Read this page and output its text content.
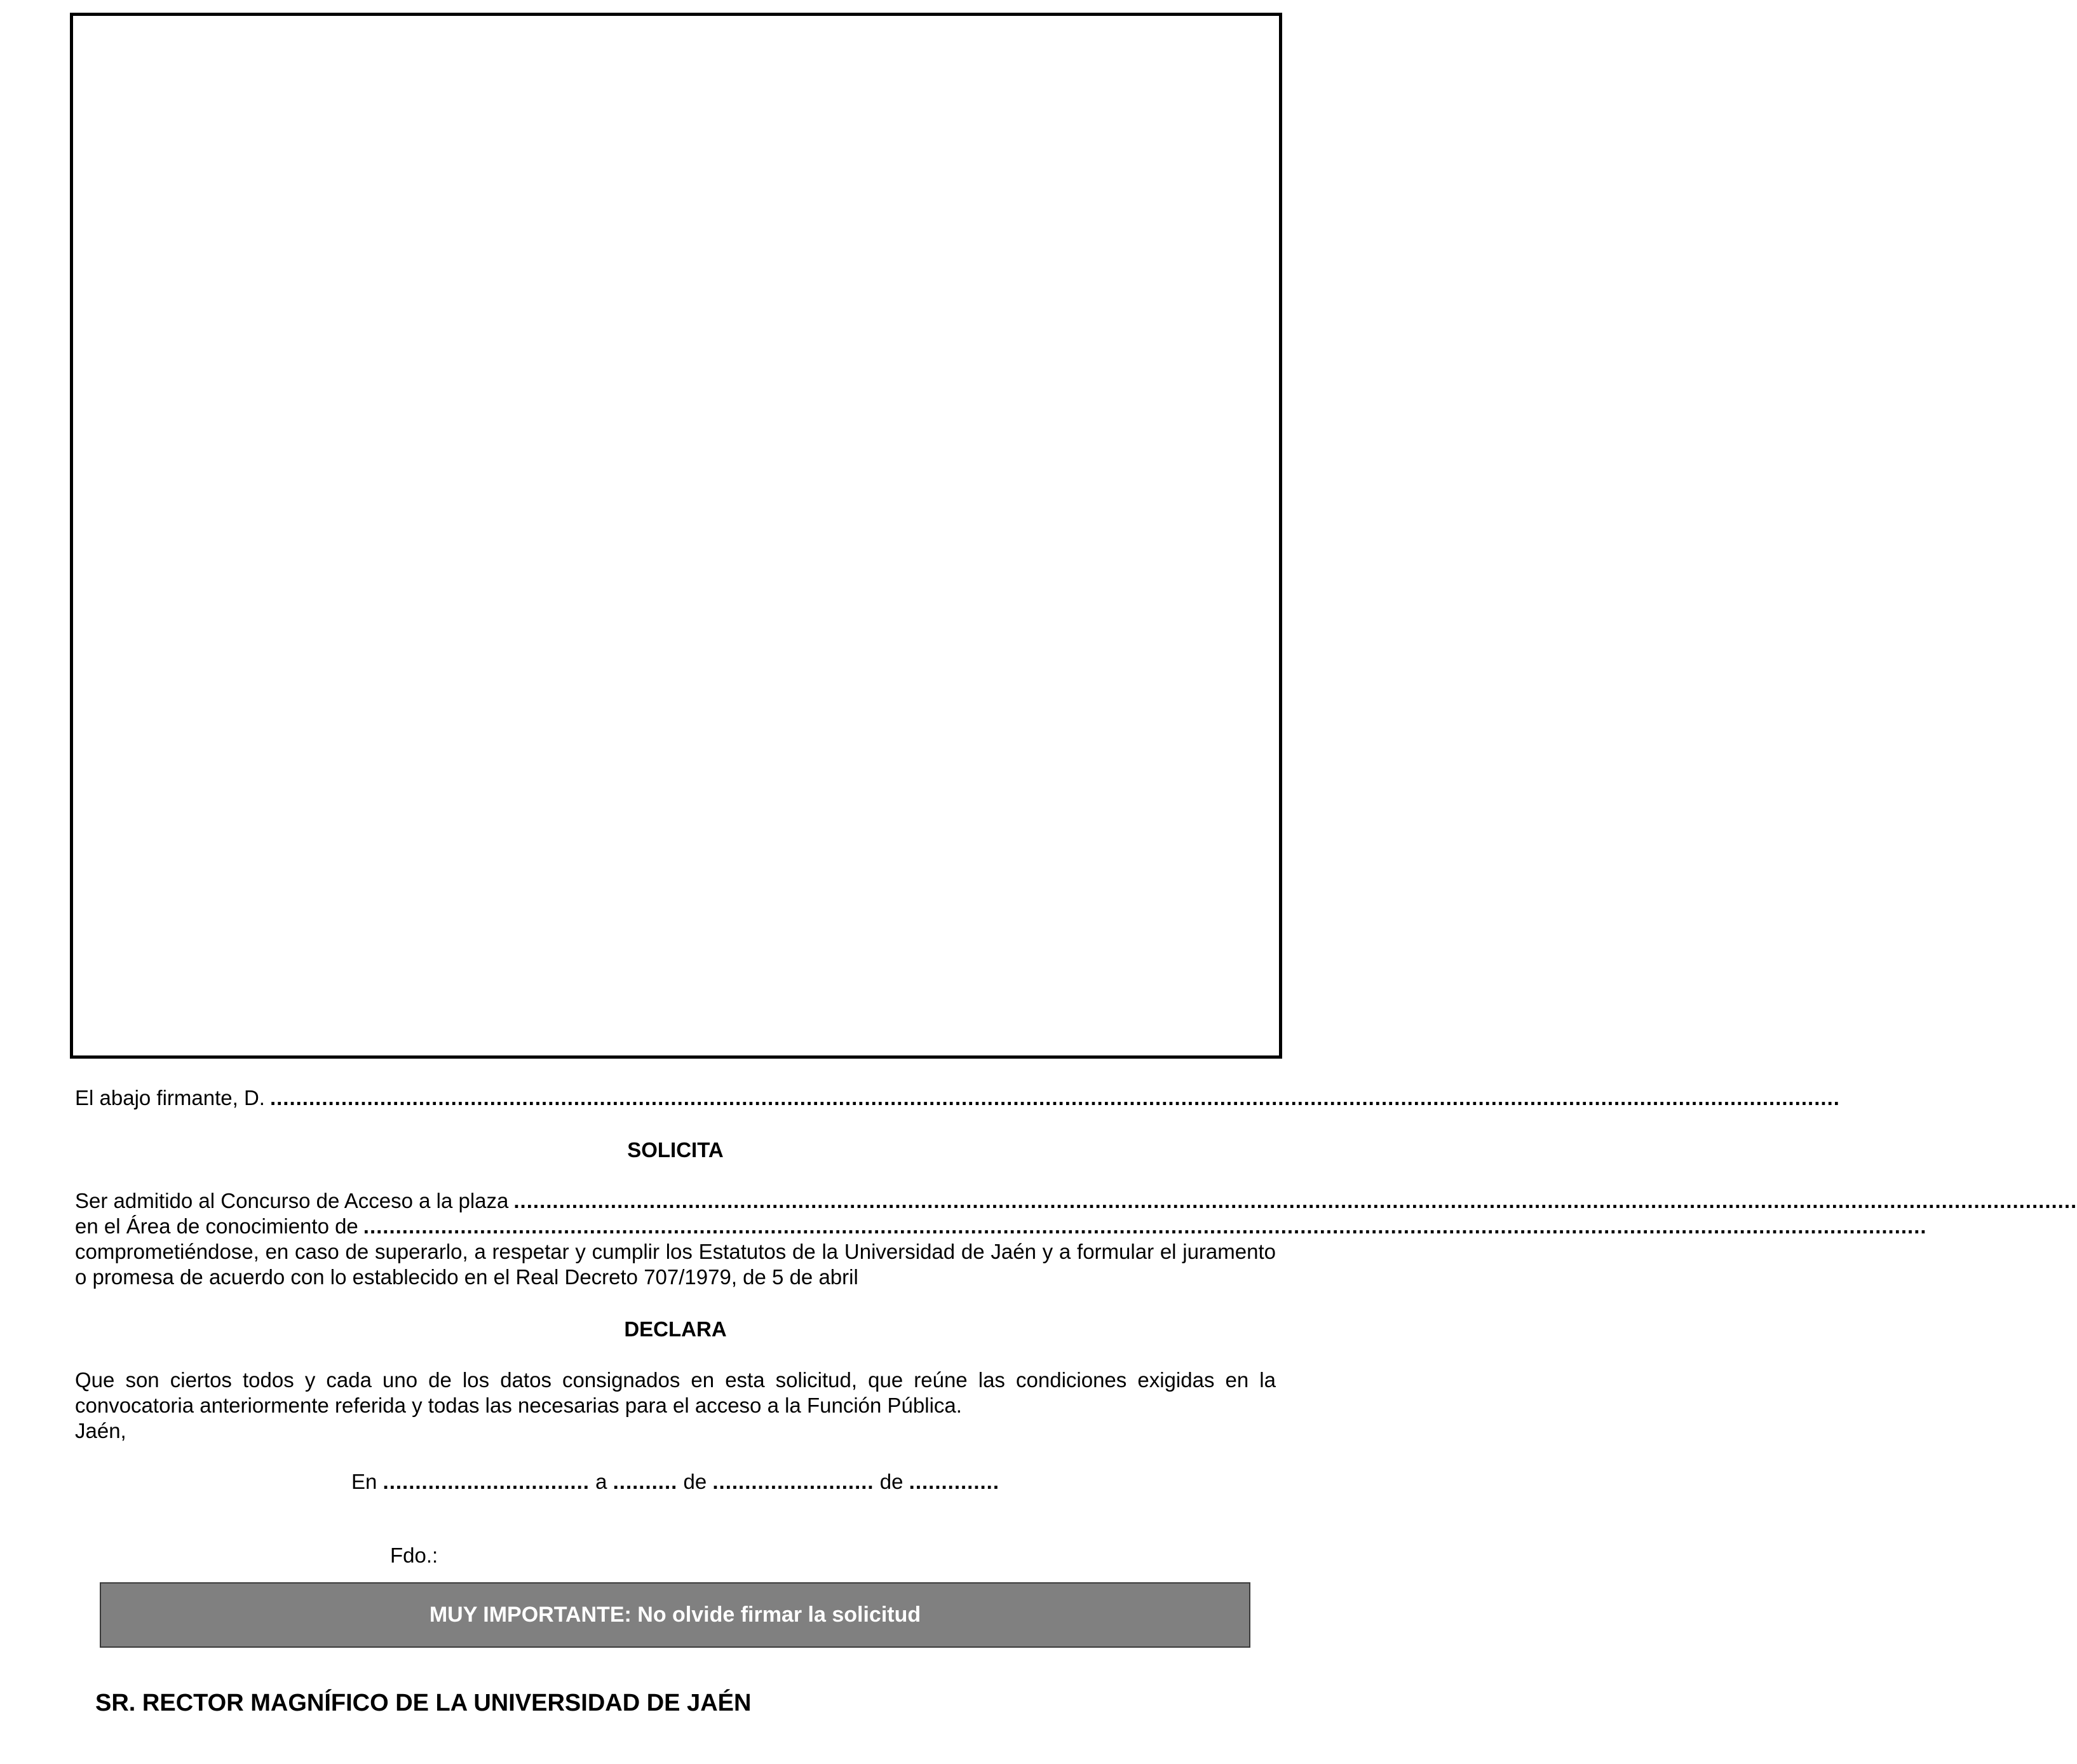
El abajo firmante, D. ...................................................................................................................................................................................................................................................
SOLICITA
Ser admitido al Concurso de Acceso a la plaza ..................................................................................................................................................................................................................................................
en el Área de conocimiento de ..................................................................................................................................................................................................................................................

comprometiéndose, en caso de superarlo, a respetar y cumplir los Estatutos de la Universidad de Jaén y a formular el juramento o promesa de acuerdo con lo establecido en el Real Decreto 707/1979, de 5 de abril

DECLARA

Que son ciertos todos y cada uno de los datos consignados en esta solicitud, que reúne las condiciones exigidas en la convocatoria anteriormente referida y todas las necesarias para el acceso a la Función Pública.

Jaén,
En ................................ a .......... de ......................... de ..............
Fdo.:
MUY IMPORTANTE: No olvide firmar la solicitud
SR. RECTOR MAGNÍFICO DE LA UNIVERSIDAD DE JAÉN
